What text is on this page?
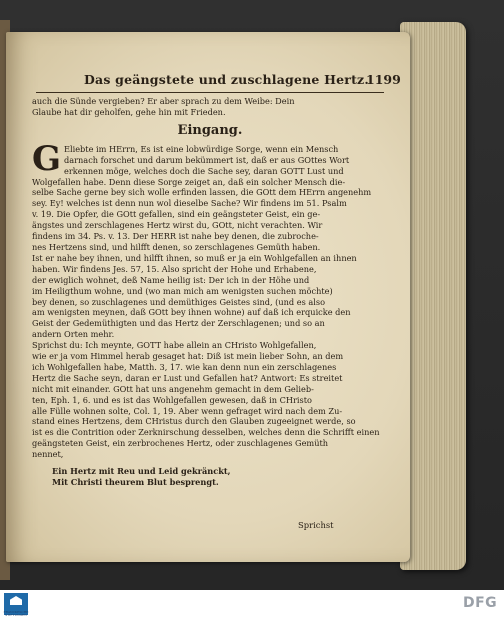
Das geängstete und zuschlagene Hertz.
1199
auch die Sünde vergieben? Er aber sprach zu dem Weibe: Dein
Glaube hat dir geholfen, gehe hin mit Frieden.
Eingang.
G Eliebte im HErrn, Es ist eine lobwürdige Sorge, wenn ein Mensch
darnach forschet und darum bekümmert ist, daß er aus GOttes Wort
erkennen möge, welches doch die Sache sey, daran GOTT Lust und
Wolgefallen habe. Denn diese Sorge zeiget an, daß ein solcher Mensch die-
selbe Sache gerne bey sich wolle erfinden lassen, die GOtt dem HErrn angenehm
sey. Ey! welches ist denn nun wol dieselbe Sache? Wir findens im 51. Psalm
v. 19. Die Opfer, die GOtt gefallen, sind ein geängsteter Geist, ein ge-
ängstes und zerschlagenes Hertz wirst du, GOtt, nicht verachten. Wir
findens im 34. Ps. v. 13. Der HERR ist nahe bey denen, die zubroche-
nes Hertzens sind, und hilfft denen, so zerschlagenes Gemüth haben.
Ist er nahe bey ihnen, und hilfft ihnen, so muß er ja ein Wohlgefallen an ihnen
haben. Wir findens Jes. 57, 15. Also spricht der Hohe und Erhabene,
der ewiglich wohnet, deß Name heilig ist: Der ich in der Höhe und
im Heiligthum wohne, und (wo man mich am wenigsten suchen möchte)
bey denen, so zuschlagenes und demüthiges Geistes sind, (und es also
am wenigsten meynen, daß GOtt bey ihnen wohne) auf daß ich erquicke den
Geist der Gedemüthigten und das Hertz der Zerschlagenen; und so an
andern Orten mehr.
Sprichst du: Ich meynte, GOTT habe allein an CHristo Wohlgefallen,
wie er ja vom Himmel herab gesaget hat: Diß ist mein lieber Sohn, an dem
ich Wohlgefallen habe, Matth. 3, 17. wie kan denn nun ein zerschlagenes
Hertz die Sache seyn, daran er Lust und Gefallen hat? Antwort: Es streitet
nicht mit einander. GOtt hat uns angenehm gemacht in dem Gelieb-
ten, Eph. 1, 6. und es ist das Wohlgefallen gewesen, daß in CHristo
alle Fülle wohnen solte, Col. 1, 19. Aber wenn gefraget wird nach dem Zu-
stand eines Hertzens, dem CHristus durch den Glauben zugeeignet werde, so
ist es die Contrition oder Zerknirschung desselben, welches denn die Schrifft einen
geängsteten Geist, ein zerbrochenes Hertz, oder zuschlagenes Gemüth
nennet,
Ein Hertz mit Reu und Leid gekränckt,
Mit Christi theurem Blut besprengt.
Sprichst
FRANCKESCHE STIFTUNGEN
DFG
